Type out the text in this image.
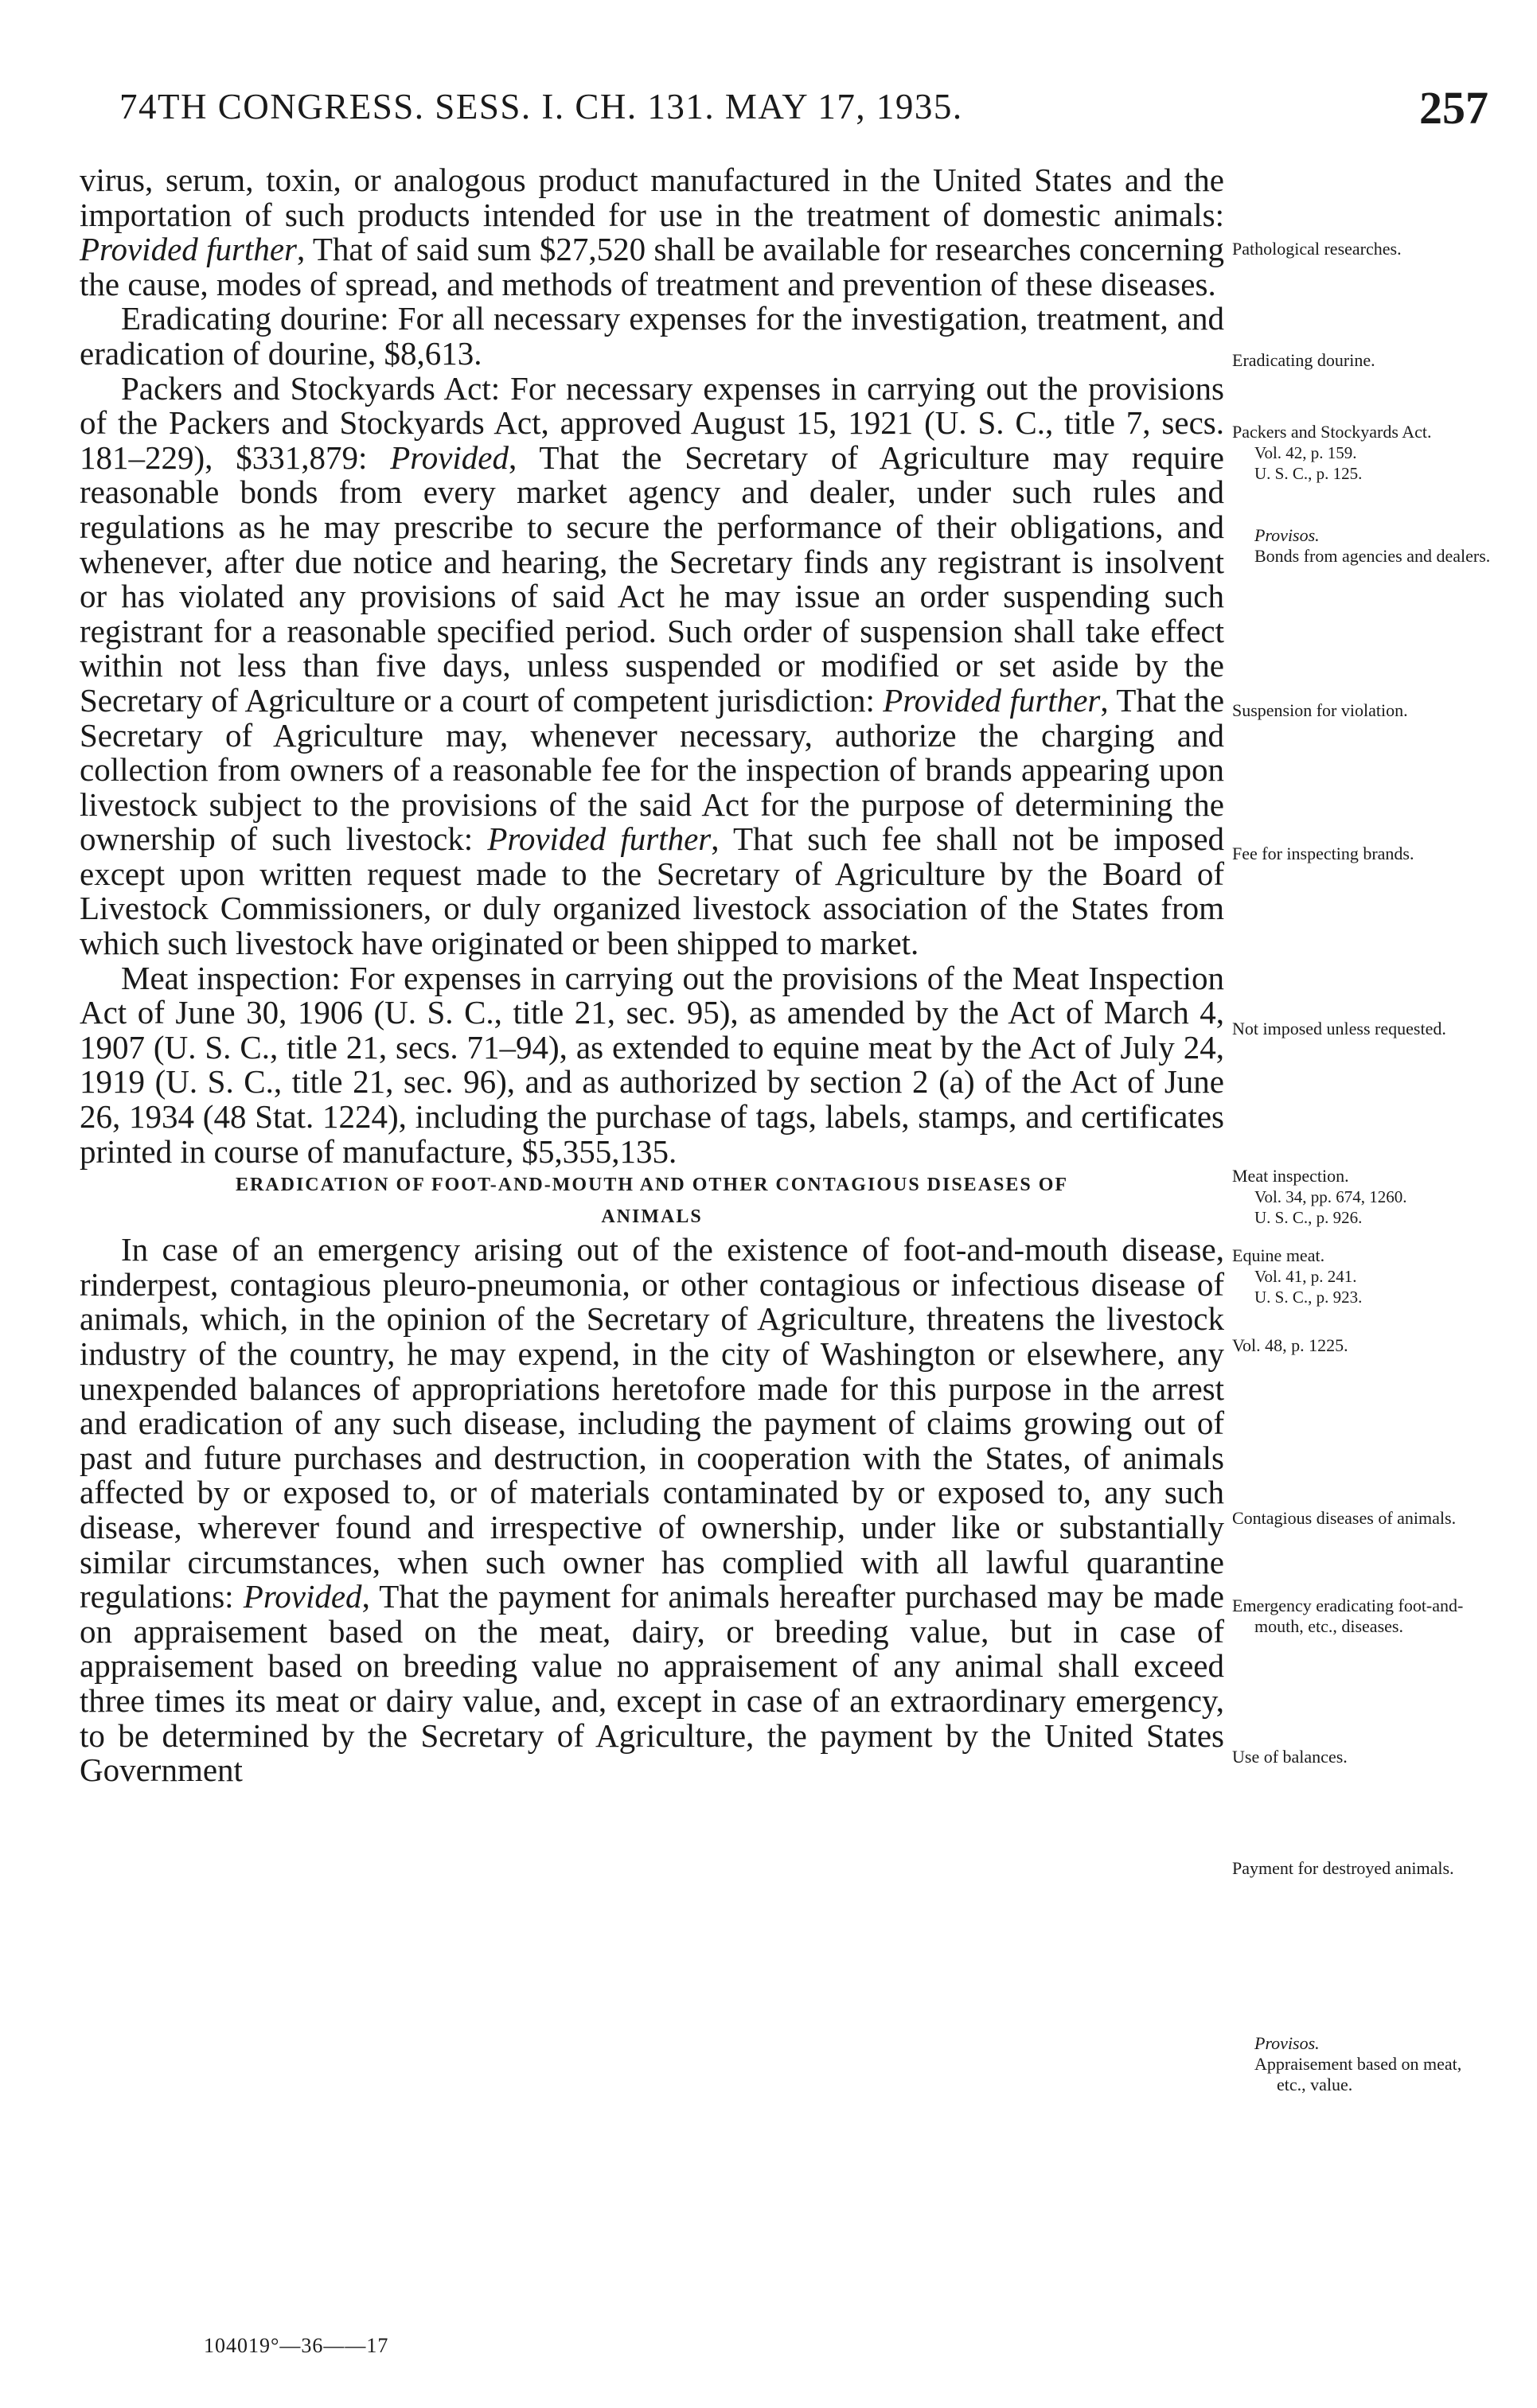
74TH CONGRESS. SESS. I. CH. 131. MAY 17, 1935.	257

virus, serum, toxin, or analogous product manufactured in the United States and the importation of such products intended for use in the treatment of domestic animals: Provided further, That of said sum $27,520 shall be available for researches concerning the cause, modes of spread, and methods of treatment and prevention of these diseases.

Eradicating dourine: For all necessary expenses for the investigation, treatment, and eradication of dourine, $8,613.

Packers and Stockyards Act: For necessary expenses in carrying out the provisions of the Packers and Stockyards Act, approved August 15, 1921 (U. S. C., title 7, secs. 181–229), $331,879: Provided, That the Secretary of Agriculture may require reasonable bonds from every market agency and dealer, under such rules and regulations as he may prescribe to secure the performance of their obligations, and whenever, after due notice and hearing, the Secretary finds any registrant is insolvent or has violated any provisions of said Act he may issue an order suspending such registrant for a reasonable specified period. Such order of suspension shall take effect within not less than five days, unless suspended or modified or set aside by the Secretary of Agriculture or a court of competent jurisdiction: Provided further, That the Secretary of Agriculture may, whenever necessary, authorize the charging and collection from owners of a reasonable fee for the inspection of brands appearing upon livestock subject to the provisions of the said Act for the purpose of determining the ownership of such livestock: Provided further, That such fee shall not be imposed except upon written request made to the Secretary of Agriculture by the Board of Livestock Commissioners, or duly organized livestock association of the States from which such livestock have originated or been shipped to market.

Meat inspection: For expenses in carrying out the provisions of the Meat Inspection Act of June 30, 1906 (U. S. C., title 21, sec. 95), as amended by the Act of March 4, 1907 (U. S. C., title 21, secs. 71–94), as extended to equine meat by the Act of July 24, 1919 (U. S. C., title 21, sec. 96), and as authorized by section 2 (a) of the Act of June 26, 1934 (48 Stat. 1224), including the purchase of tags, labels, stamps, and certificates printed in course of manufacture, $5,355,135.

ERADICATION OF FOOT-AND-MOUTH AND OTHER CONTAGIOUS DISEASES OF
ANIMALS

In case of an emergency arising out of the existence of foot-and-mouth disease, rinderpest, contagious pleuro-pneumonia, or other contagious or infectious disease of animals, which, in the opinion of the Secretary of Agriculture, threatens the livestock industry of the country, he may expend, in the city of Washington or elsewhere, any unexpended balances of appropriations heretofore made for this purpose in the arrest and eradication of any such disease, including the payment of claims growing out of past and future purchases and destruction, in cooperation with the States, of animals affected by or exposed to, or of materials contaminated by or exposed to, any such disease, wherever found and irrespective of ownership, under like or substantially similar circumstances, when such owner has complied with all lawful quarantine regulations: Provided, That the payment for animals hereafter purchased may be made on appraisement based on the meat, dairy, or breeding value, but in case of appraisement based on breeding value no appraisement of any animal shall exceed three times its meat or dairy value, and, except in case of an extraordinary emergency, to be determined by the Secretary of Agriculture, the payment by the United States Government

Pathological researches.
Eradicating dourine.
Packers and Stockyards Act.
Vol. 42, p. 159.
U. S. C., p. 125.
Provisos.
Bonds from agencies and dealers.
Suspension for violation.
Fee for inspecting brands.
Not imposed unless requested.
Meat inspection.
Vol. 34, pp. 674, 1260.
U. S. C., p. 926.
Equine meat.
Vol. 41, p. 241.
U. S. C., p. 923.
Vol. 48, p. 1225.
Contagious diseases of animals.
Emergency eradicating foot-and-mouth, etc., diseases.
Use of balances.
Payment for destroyed animals.
Provisos.
Appraisement based on meat, etc., value.
104019°—36——17
